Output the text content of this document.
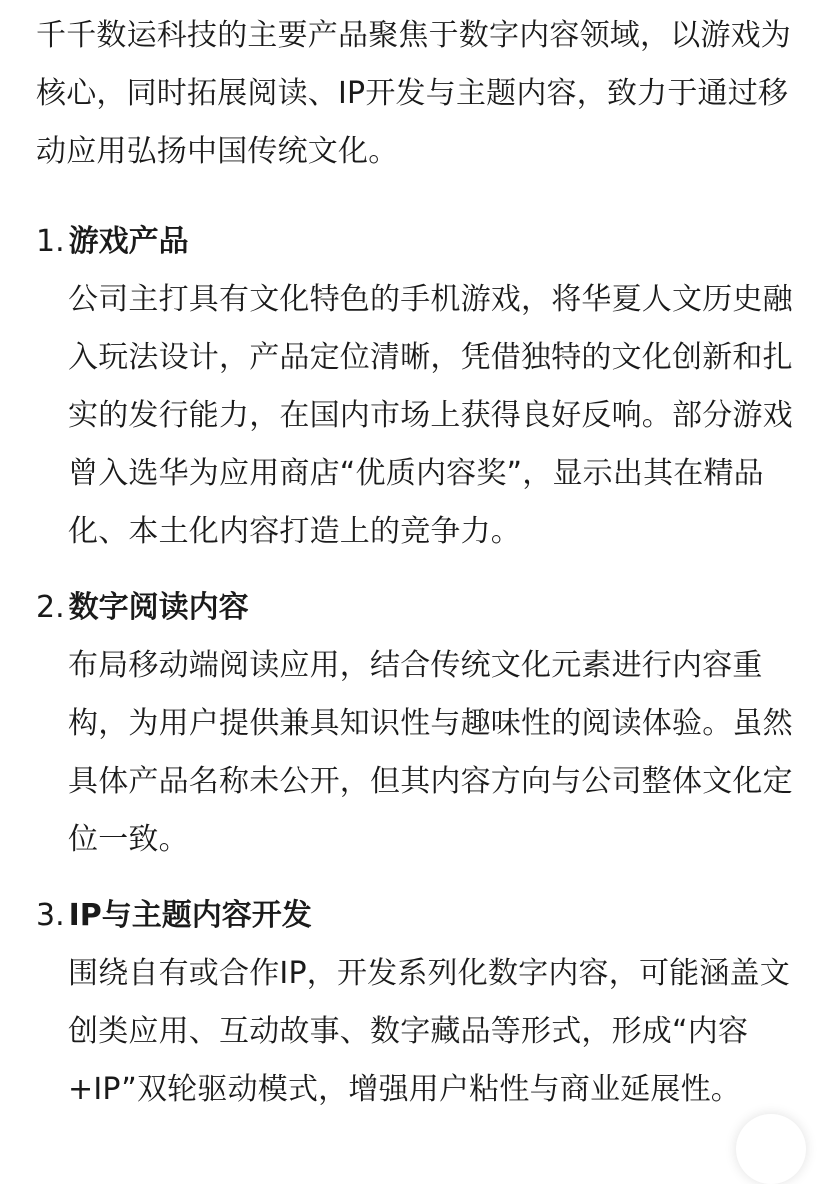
千千数运科技的主要产品聚焦于数字内容领域，以游戏为核心，同时拓展阅读、IP开发与主题内容，致力于通过移动应用弘扬中国传统文化。

1. 游戏产品

公司主打具有文化特色的手机游戏，将华夏人文历史融入玩法设计，产品定位清晰，凭借独特的文化创新和扎实的发行能力，在国内市场上获得良好反响。部分游戏曾入选华为应用商店“优质内容奖”，显示出其在精品化、本土化内容打造上的竞争力。

2. 数字阅读内容

布局移动端阅读应用，结合传统文化元素进行内容重构，为用户提供兼具知识性与趣味性的阅读体验。虽然具体产品名称未公开，但其内容方向与公司整体文化定位一致。

3. IP与主题内容开发

围绕自有或合作IP，开发系列化数字内容，可能涵盖文创类应用、互动故事、数字藏品等形式，形成“内容+IP”双轮驱动模式，增强用户粘性与商业延展性。
